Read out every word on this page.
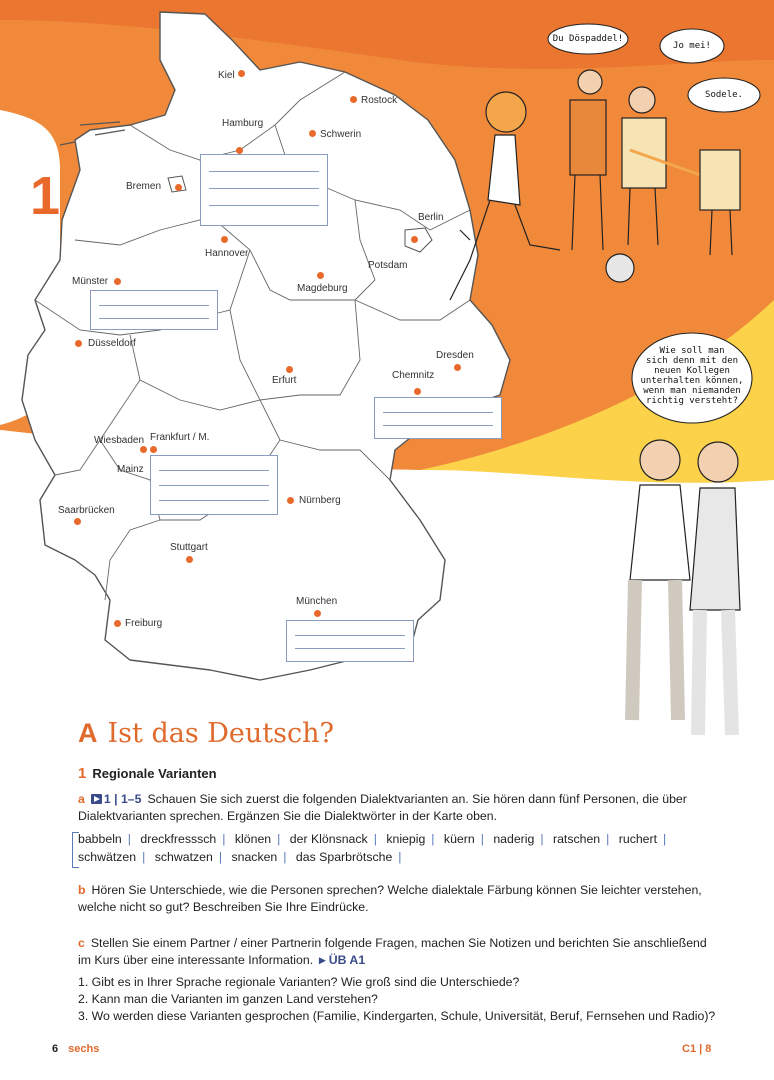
1
Kiel
Rostock
Hamburg
Schwerin
Bremen
Berlin
Potsdam
Hannover
Münster
Magdeburg
Düsseldorf
Dresden
Erfurt	Chemnitz
Wiesbaden Frankfurt / M.
Mainz
Nürnberg
Saarbrücken
Stuttgart
München
Freiburg
Du Döspaddel!
Jo mei!
Sodele.
Wie soll man
sich denn mit den
neuen Kollegen
unterhalten können,
wenn man niemanden
richtig versteht?
A Ist das Deutsch?
1 Regionale Varianten
a 1 | 1–5 Schauen Sie sich zuerst die folgenden Dialektvarianten an. Sie hören dann fünf Personen, die über
Dialektvarianten sprechen. Ergänzen Sie die Dialektwörter in der Karte oben.
babbeln | dreckfresssch | klönen | der Klönsnack | kniepig | küern | naderig | ratschen | ruchert |
schwätzen | schwatzen | snacken | das Sparbrötsche |
b Hören Sie Unterschiede, wie die Personen sprechen? Welche dialektale Färbung können Sie leichter verstehen,
welche nicht so gut? Beschreiben Sie Ihre Eindrücke.
c Stellen Sie einem Partner / einer Partnerin folgende Fragen, machen Sie Notizen und berichten Sie anschließend
im Kurs über eine interessante Information. ▸ ÜB A1
1. Gibt es in Ihrer Sprache regionale Varianten? Wie groß sind die Unterschiede?
2. Kann man die Varianten im ganzen Land verstehen?
3. Wo werden diese Varianten gesprochen (Familie, Kindergarten, Schule, Universität, Beruf, Fernsehen und Radio)?
6 sechs	C1 | 8
